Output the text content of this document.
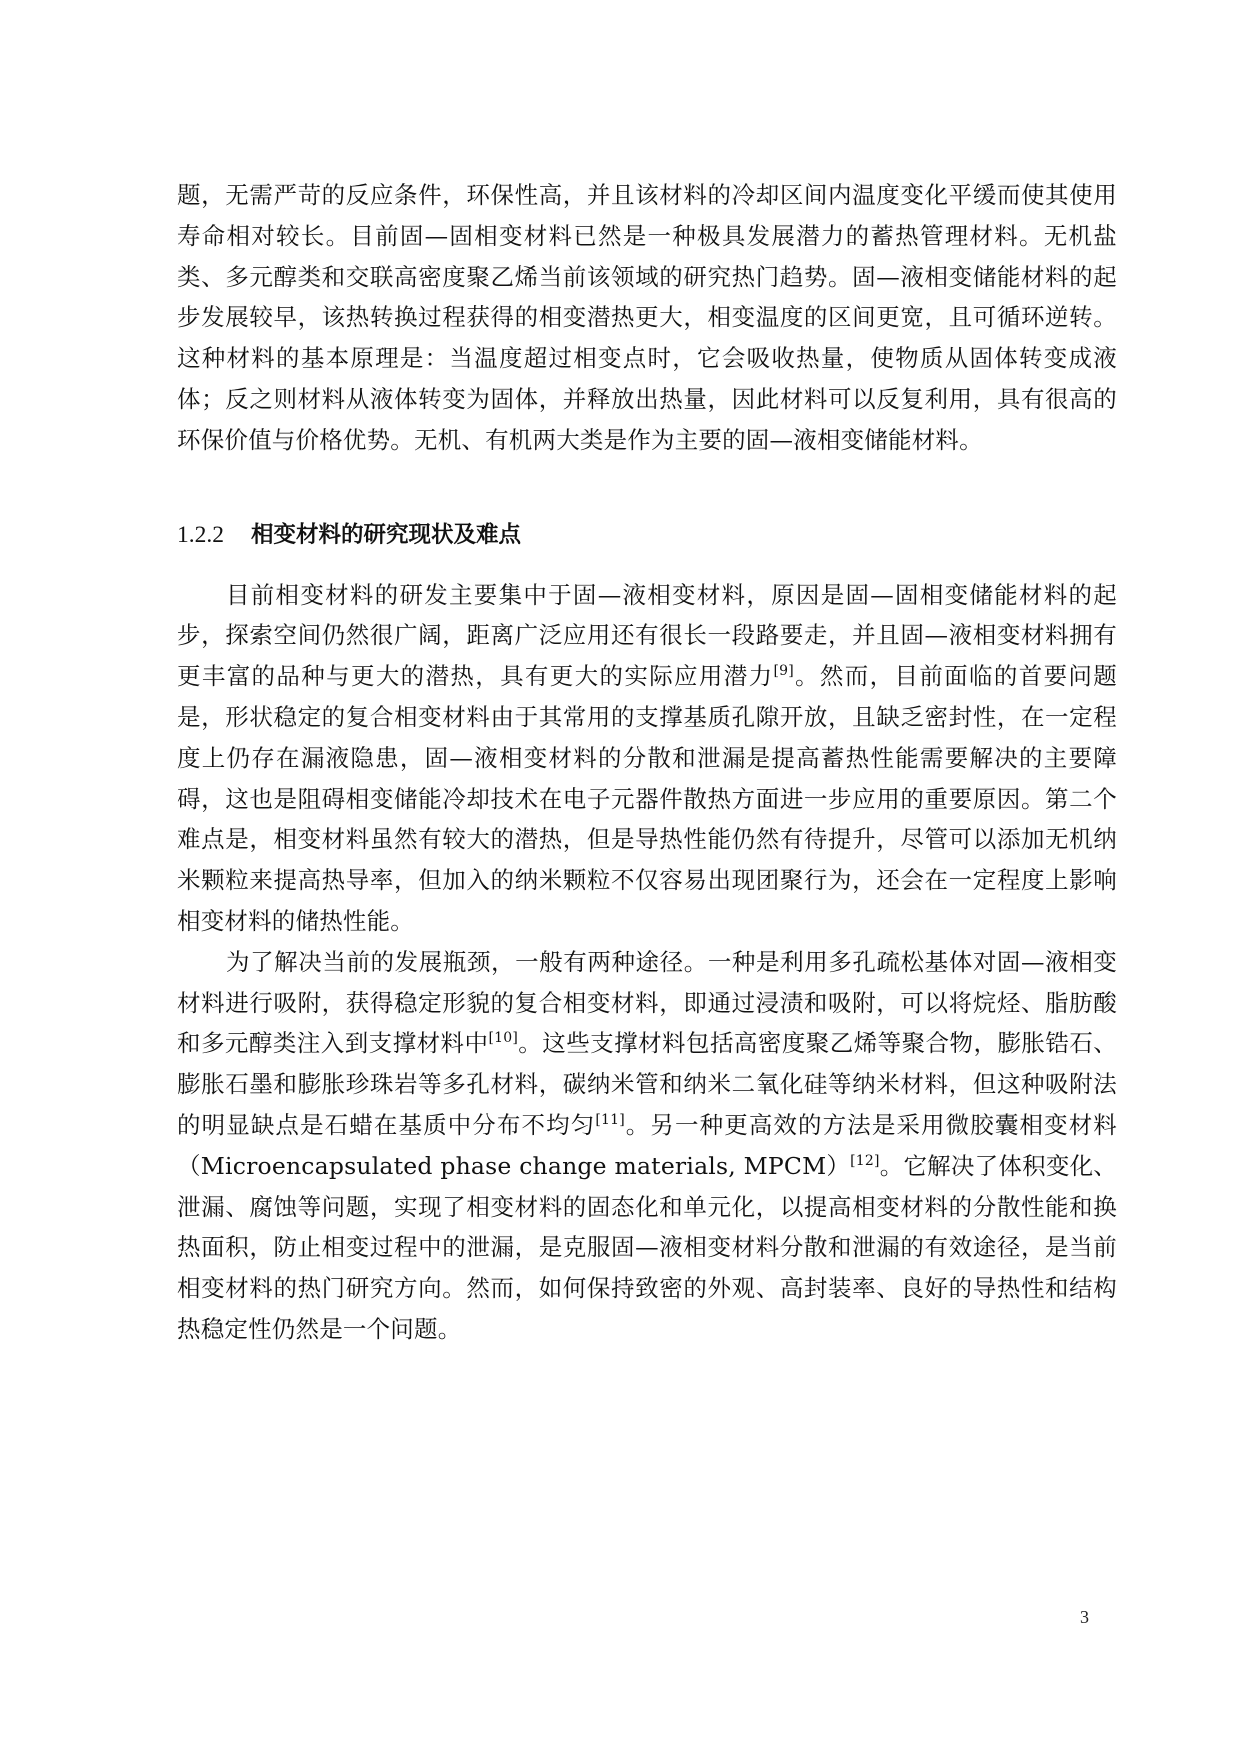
题，无需严苛的反应条件，环保性高，并且该材料的冷却区间内温度变化平缓而使其使用寿命相对较长。目前固—固相变材料已然是一种极具发展潜力的蓄热管理材料。无机盐类、多元醇类和交联高密度聚乙烯当前该领域的研究热门趋势。固—液相变储能材料的起步发展较早，该热转换过程获得的相变潜热更大，相变温度的区间更宽，且可循环逆转。这种材料的基本原理是：当温度超过相变点时，它会吸收热量，使物质从固体转变成液体；反之则材料从液体转变为固体，并释放出热量，因此材料可以反复利用，具有很高的环保价值与价格优势。无机、有机两大类是作为主要的固—液相变储能材料。

1.2.2 相变材料的研究现状及难点

目前相变材料的研发主要集中于固—液相变材料，原因是固—固相变储能材料的起步，探索空间仍然很广阔，距离广泛应用还有很长一段路要走，并且固—液相变材料拥有更丰富的品种与更大的潜热，具有更大的实际应用潜力[9]。然而，目前面临的首要问题是，形状稳定的复合相变材料由于其常用的支撑基质孔隙开放，且缺乏密封性，在一定程度上仍存在漏液隐患，固—液相变材料的分散和泄漏是提高蓄热性能需要解决的主要障碍，这也是阻碍相变储能冷却技术在电子元器件散热方面进一步应用的重要原因。第二个难点是，相变材料虽然有较大的潜热，但是导热性能仍然有待提升，尽管可以添加无机纳米颗粒来提高热导率，但加入的纳米颗粒不仅容易出现团聚行为，还会在一定程度上影响相变材料的储热性能。

为了解决当前的发展瓶颈，一般有两种途径。一种是利用多孔疏松基体对固—液相变材料进行吸附，获得稳定形貌的复合相变材料，即通过浸渍和吸附，可以将烷烃、脂肪酸和多元醇类注入到支撑材料中[10]。这些支撑材料包括高密度聚乙烯等聚合物，膨胀锆石、膨胀石墨和膨胀珍珠岩等多孔材料，碳纳米管和纳米二氧化硅等纳米材料，但这种吸附法的明显缺点是石蜡在基质中分布不均匀[11]。另一种更高效的方法是采用微胶囊相变材料（Microencapsulated phase change materials, MPCM）[12]。它解决了体积变化、泄漏、腐蚀等问题，实现了相变材料的固态化和单元化，以提高相变材料的分散性能和换热面积，防止相变过程中的泄漏，是克服固—液相变材料分散和泄漏的有效途径，是当前相变材料的热门研究方向。然而，如何保持致密的外观、高封装率、良好的导热性和结构热稳定性仍然是一个问题。

3
